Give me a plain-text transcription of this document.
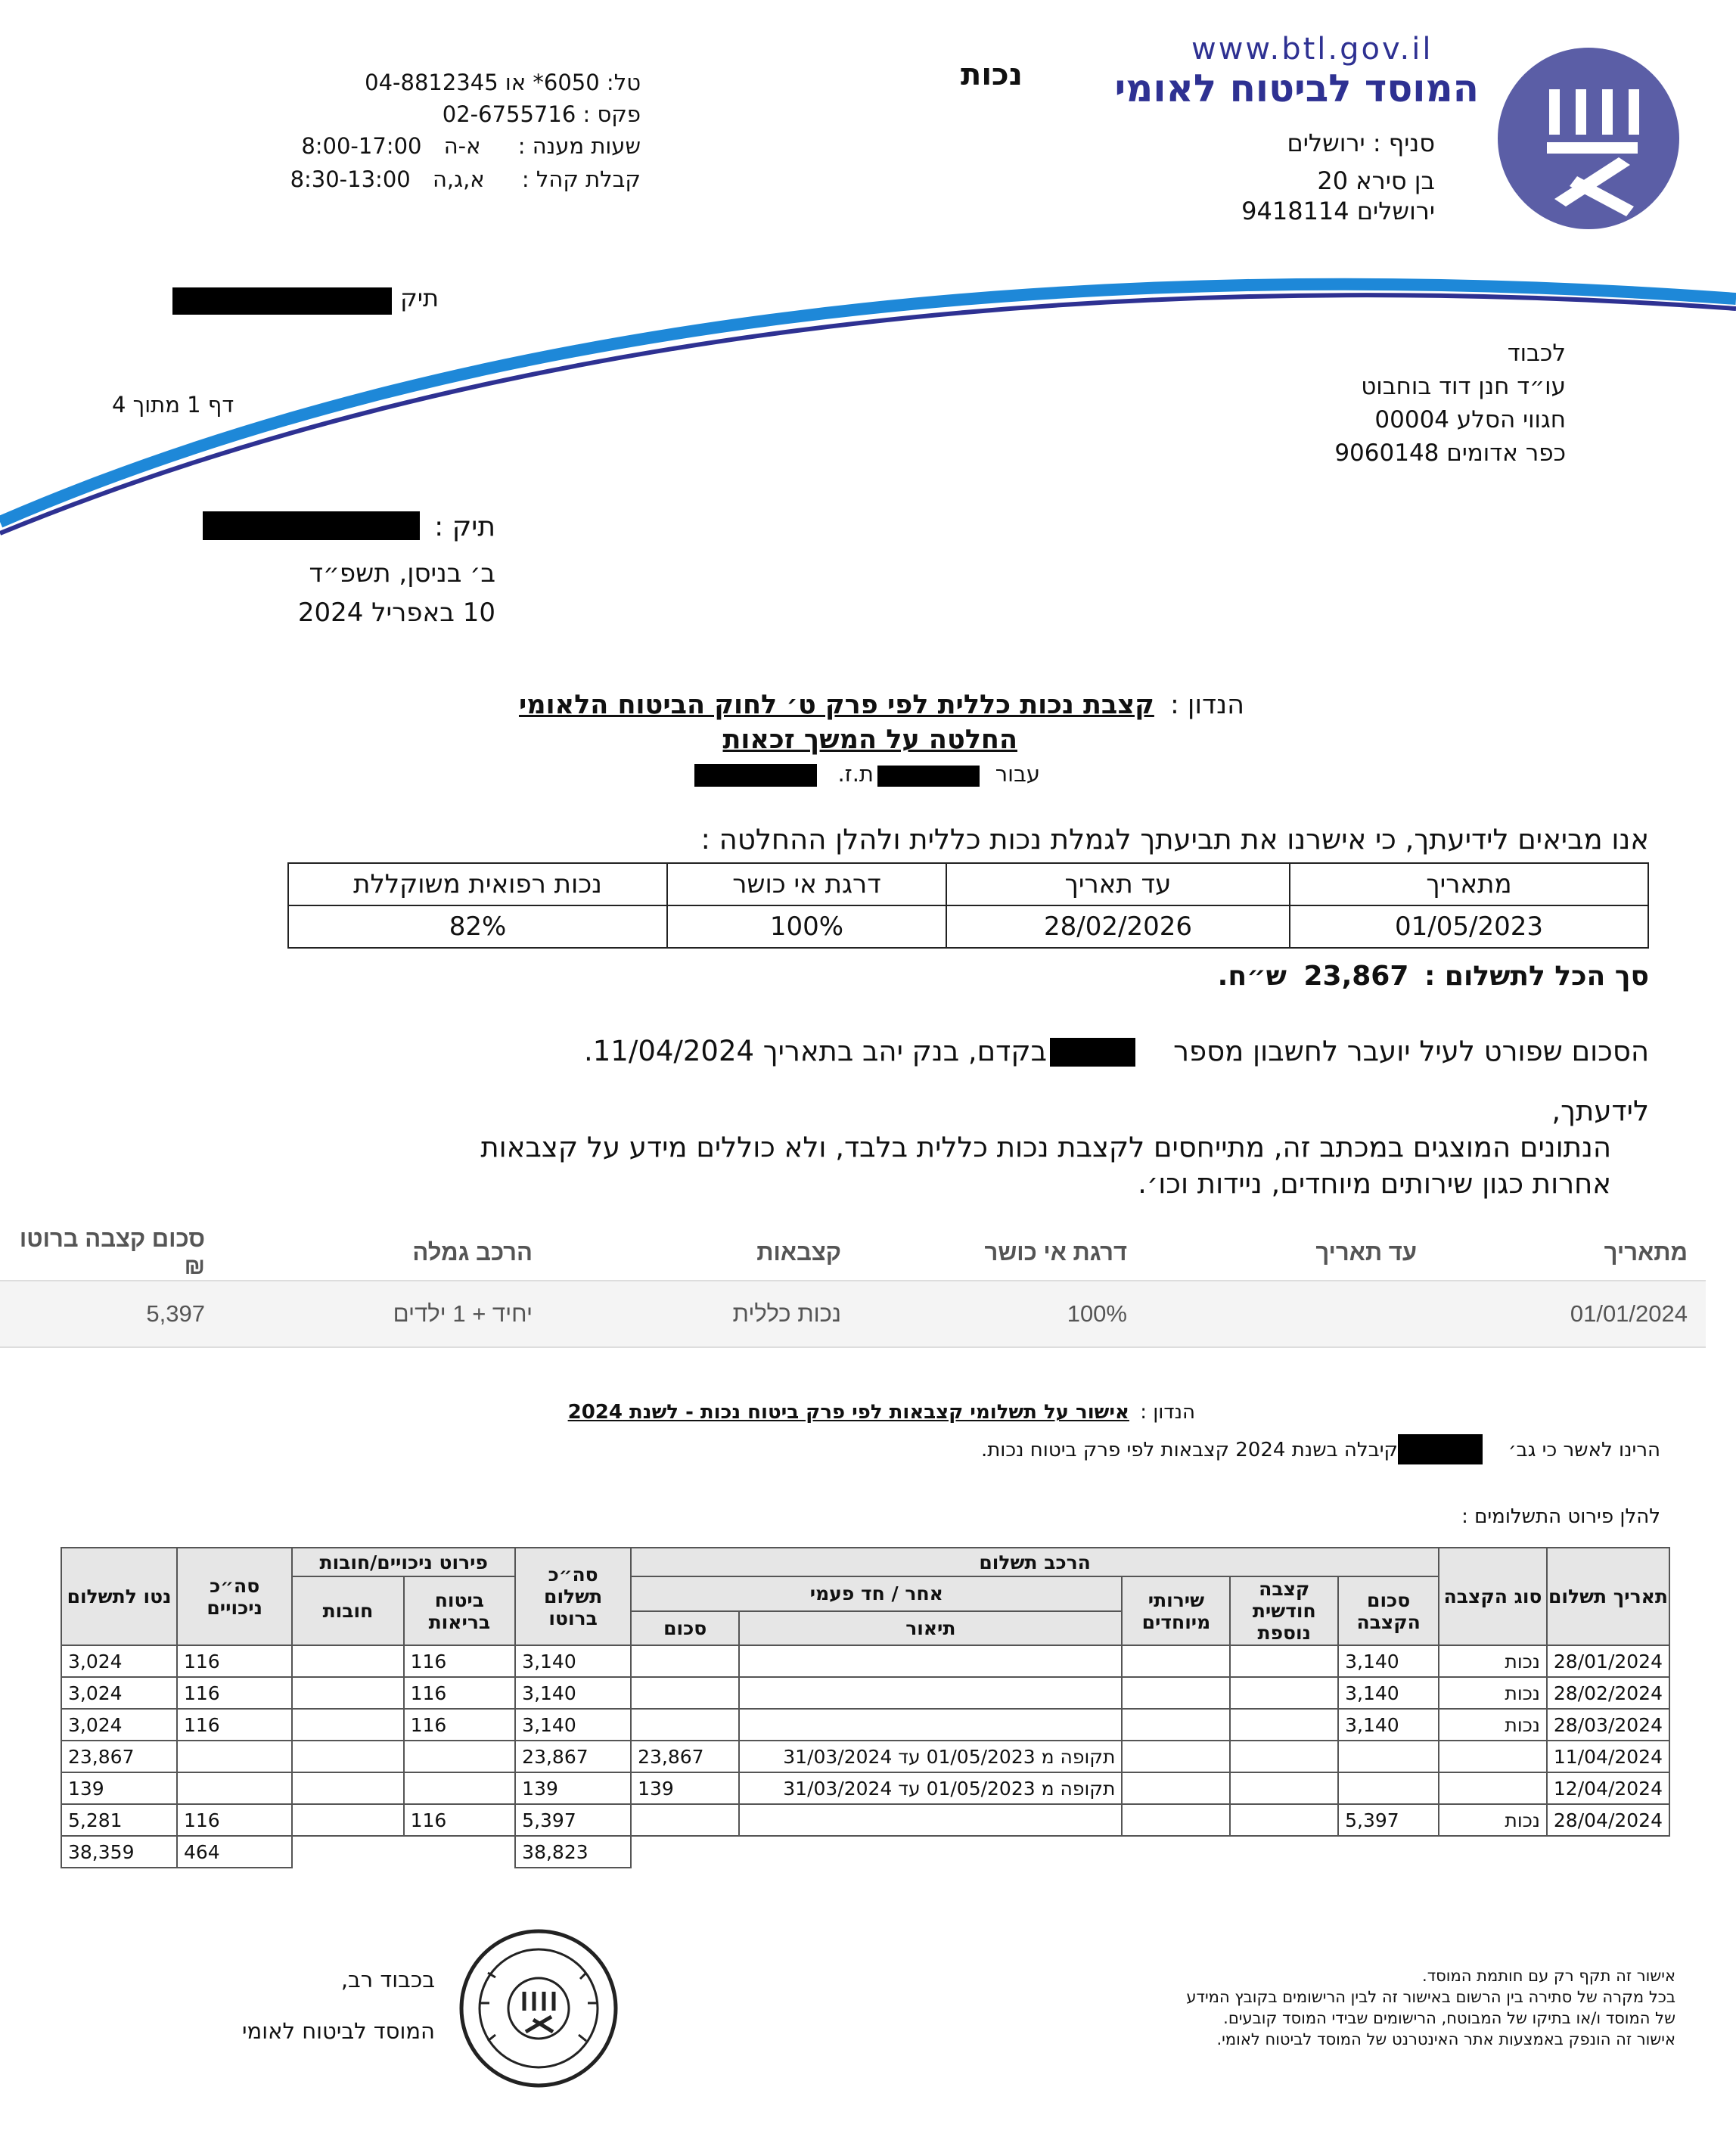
www.btl.gov.il
המוסד לביטוח לאומי
נכות
סניף : ירושלים
בן סירא 20
ירושלים 9418114
טל: 6050* או 04-8812345
פקס : 02-6755716
שעות מענה : א-ה 8:00-17:00
קבלת קהל : א,ג,ה 8:30-13:00
תיק
לכבוד
עו״ד חנן דוד בוחבוט
חגווי הסלע 00004
כפר אדומים 9060148
דף 1 מתוך 4
תיק :
ב׳ בניסן, תשפ״ד
10 באפריל 2024
הנדון : קצבת נכות כללית לפי פרק ט׳ לחוק הביטוח הלאומי
החלטה על המשך זכאות
עבור
ת.ז.
אנו מביאים לידיעתך, כי אישרנו את תביעתך לגמלת נכות כללית ולהלן ההחלטה :
מתאריך	עד תאריך	דרגת אי כושר	נכות רפואית משוקללת
01/05/2023	28/02/2026	100%	82%
סך הכל לתשלום : 23,867 ש״ח.
הסכום שפורט לעיל יועבר לחשבון מספר
בקדם, בנק יהב בתאריך 11/04/2024.
לידעתך,
הנתונים המוצגים במכתב זה, מתייחסים לקצבת נכות כללית בלבד, ולא כוללים מידע על קצבאות
אחרות כגון שירותים מיוחדים, ניידות וכו׳.
מתאריך	עד תאריך	דרגת אי כושר	קצבאות	הרכב גמלה	סכום קצבה ברוטו ₪
01/01/2024		100%	נכות כללית	יחיד + 1 ילדים	5,397
הנדון : אישור על תשלומי קצבאות לפי פרק ביטוח נכות - לשנת 2024
הרינו לאשר כי גב׳
קיבלה בשנת 2024 קצבאות לפי פרק ביטוח נכות.
להלן פירוט התשלומים :
תאריך תשלום	סוג הקצבה	הרכב תשלום					סה״כ תשלום ברוטו	פירוט ניכויים/חובות		סה״כ ניכויים	נטו לתשלום
		סכום הקצבה	קצבה חודשית נוספת	שירותי מיוחדים	אחר / חד פעמי			ביטוח בריאות	חובות		
					תיאור	סכום					
28/01/2024	נכות	3,140					3,140	116		116	3,024
28/02/2024	נכות	3,140					3,140	116		116	3,024
28/03/2024	נכות	3,140					3,140	116		116	3,024
11/04/2024					תקופה מ 01/05/2023 עד 31/03/2024	23,867	23,867				23,867
12/04/2024					תקופה מ 01/05/2023 עד 31/03/2024	139	139				139
28/04/2024	נכות	5,397					5,397	116		116	5,281
							38,823			464	38,359
אישור זה תקף רק עם חותמת המוסד.
בכל מקרה של סתירה בין הרשום באישור זה לבין הרישומים בקובץ המידע
של המוסד ו/או בתיקו של המבוטח, הרישומים שבידי המוסד קובעים.
אישור זה הונפק באמצעות אתר האינטרנט של המוסד לביטוח לאומי.
בכבוד רב,
המוסד לביטוח לאומי
